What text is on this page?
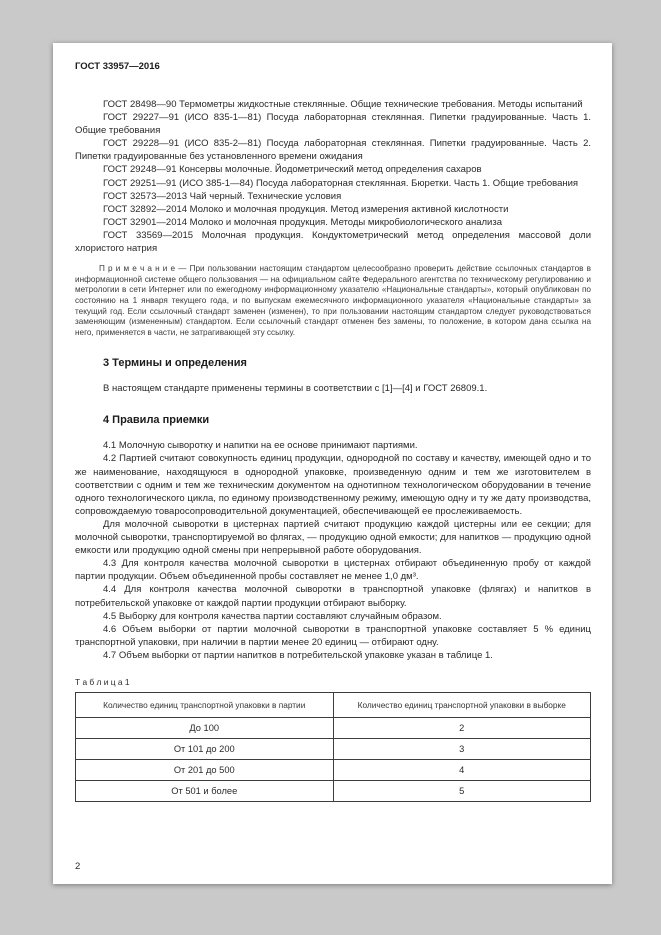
ГОСТ 33957—2016

ГОСТ 28498—90 Термометры жидкостные стеклянные. Общие технические требования. Методы испытаний

ГОСТ 29227—91 (ИСО 835-1—81) Посуда лабораторная стеклянная. Пипетки градуированные. Часть 1. Общие требования

ГОСТ 29228—91 (ИСО 835-2—81) Посуда лабораторная стеклянная. Пипетки градуированные. Часть 2. Пипетки градуированные без установленного времени ожидания

ГОСТ 29248—91 Консервы молочные. Йодометрический метод определения сахаров

ГОСТ 29251—91 (ИСО 385-1—84) Посуда лабораторная стеклянная. Бюретки. Часть 1. Общие требования

ГОСТ 32573—2013 Чай черный. Технические условия

ГОСТ 32892—2014 Молоко и молочная продукция. Метод измерения активной кислотности

ГОСТ 32901—2014 Молоко и молочная продукция. Методы микробиологического анализа

ГОСТ 33569—2015 Молочная продукция. Кондуктометрический метод определения массовой доли хлористого натрия

П р и м е ч а н и е — При пользовании настоящим стандартом целесообразно проверить действие ссылочных стандартов в информационной системе общего пользования — на официальном сайте Федерального агентства по техническому регулированию и метрологии в сети Интернет или по ежегодному информационному указателю «Национальные стандарты», который опубликован по состоянию на 1 января текущего года, и по выпускам ежемесячного информационного указателя «Национальные стандарты» за текущий год. Если ссылочный стандарт заменен (изменен), то при пользовании настоящим стандартом следует руководствоваться заменяющим (измененным) стандартом. Если ссылочный стандарт отменен без замены, то положение, в котором дана ссылка на него, применяется в части, не затрагивающей эту ссылку.
3 Термины и определения

В настоящем стандарте применены термины в соответствии с [1]—[4] и ГОСТ 26809.1.

4 Правила приемки

4.1 Молочную сыворотку и напитки на ее основе принимают партиями.

4.2 Партией считают совокупность единиц продукции, однородной по составу и качеству, имеющей одно и то же наименование, находящуюся в однородной упаковке, произведенную одним и тем же изготовителем в соответствии с одним и тем же техническим документом на однотипном технологическом оборудовании в течение одного технологического цикла, по единому производственному режиму, имеющую одну и ту же дату производства, сопровождаемую товаросопроводительной документацией, обеспечивающей ее прослеживаемость.

Для молочной сыворотки в цистернах партией считают продукцию каждой цистерны или ее секции; для молочной сыворотки, транспортируемой во флягах, — продукцию одной емкости; для напитков — продукцию одной емкости или продукцию одной смены при непрерывной работе оборудования.

4.3 Для контроля качества молочной сыворотки в цистернах отбирают объединенную пробу от каждой партии продукции. Объем объединенной пробы составляет не менее 1,0 дм³.

4.4 Для контроля качества молочной сыворотки в транспортной упаковке (флягах) и напитков в потребительской упаковке от каждой партии продукции отбирают выборку.

4.5 Выборку для контроля качества партии составляют случайным образом.

4.6 Объем выборки от партии молочной сыворотки в транспортной упаковке составляет 5 % единиц транспортной упаковки, при наличии в партии менее 20 единиц — отбирают одну.

4.7 Объем выборки от партии напитков в потребительской упаковке указан в таблице 1.

Т а б л и ц а 1
Количество единиц транспортной упаковки в партии	Количество единиц транспортной упаковки в выборке
До 100	2
От 101 до 200	3
От 201 до 500	4
От 501 и более	5
2
